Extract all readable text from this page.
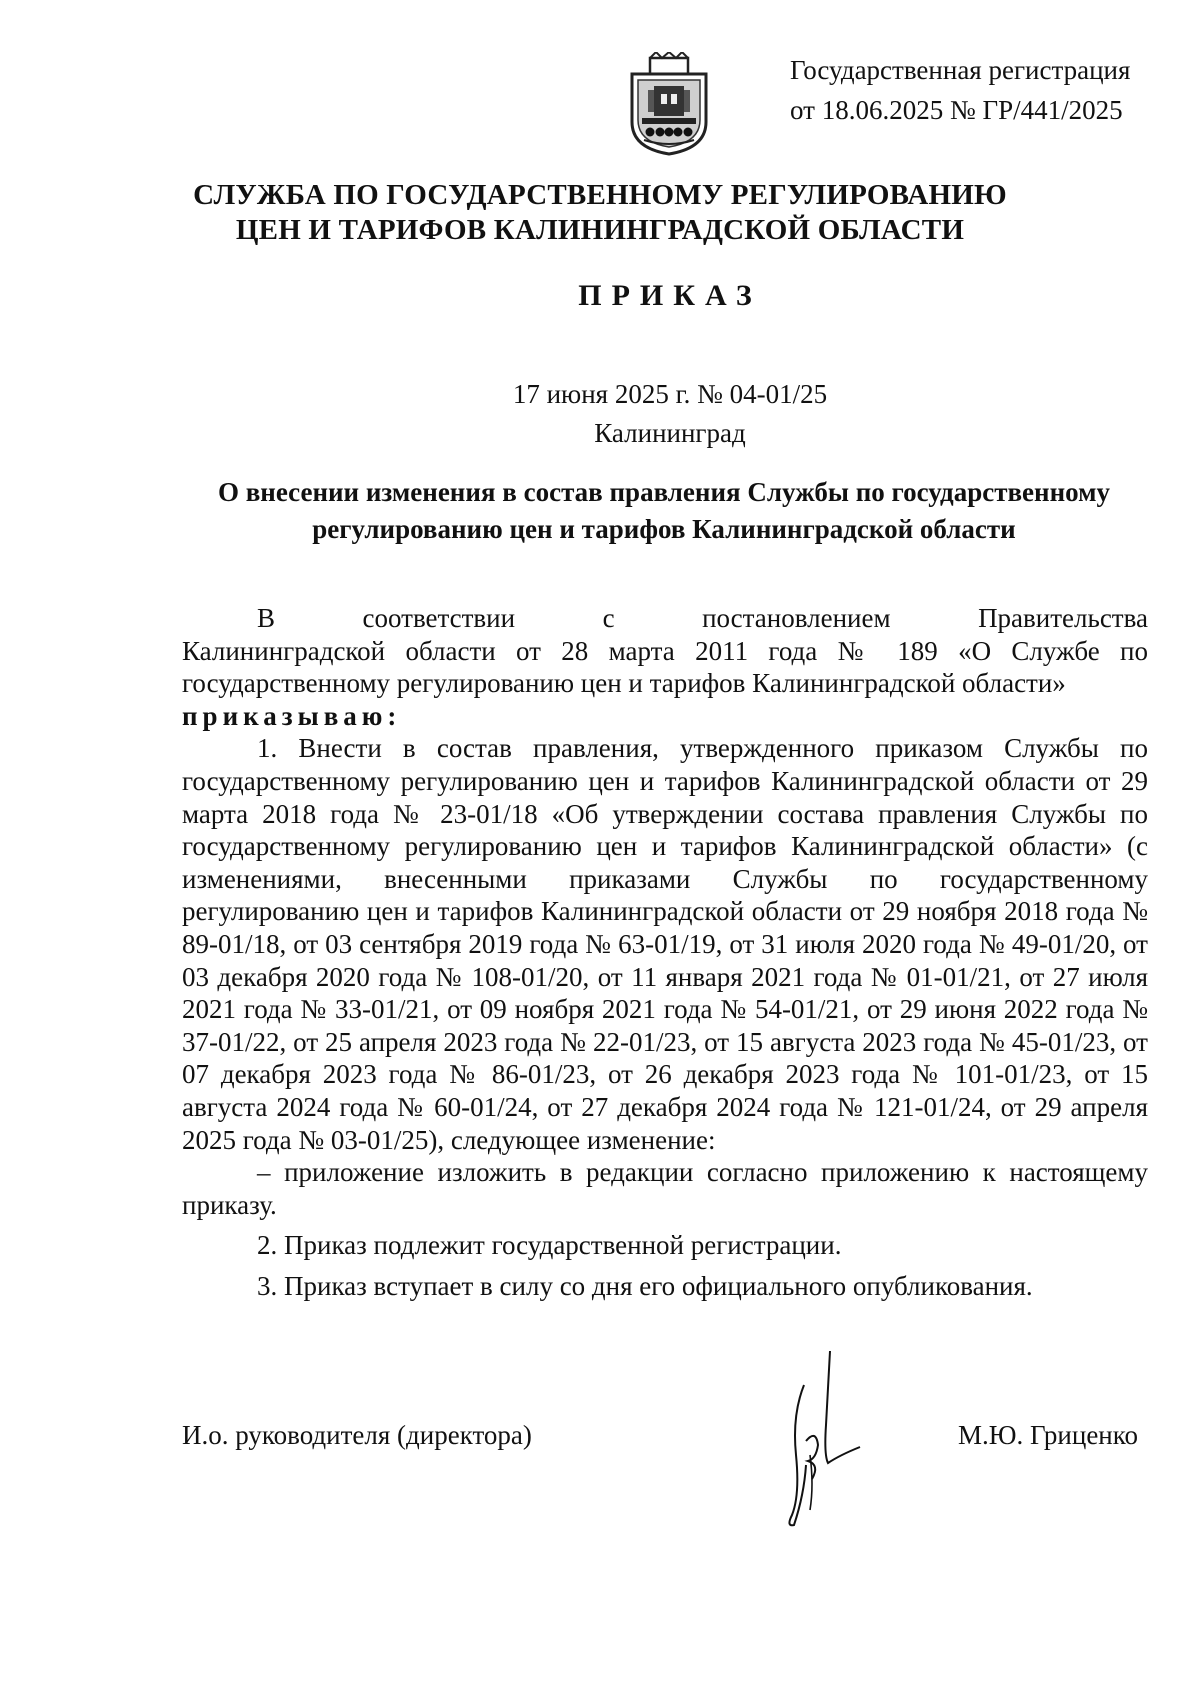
Государственная регистрация
от 18.06.2025 № ГР/441/2025
СЛУЖБА ПО ГОСУДАРСТВЕННОМУ РЕГУЛИРОВАНИЮ
ЦЕН И ТАРИФОВ КАЛИНИНГРАДСКОЙ ОБЛАСТИ
ПРИКАЗ
17 июня 2025 г. № 04-01/25
Калининград
О внесении изменения в состав правления Службы по государственному
регулированию цен и тарифов Калининградской области
В	соответствии	с	постановлением	Правительства

Калининградской области от 28 марта 2011 года № 189 «О Службе по государственному регулированию цен и тарифов Калининградской области»

приказываю:

1. Внести в состав правления, утвержденного приказом Службы по государственному регулированию цен и тарифов Калининградской области от 29 марта 2018 года № 23-01/18 «Об утверждении состава правления Службы по государственному регулированию цен и тарифов Калининградской области» (с изменениями, внесенными приказами Службы по государственному регулированию цен и тарифов Калининградской области от 29 ноября 2018 года № 89-01/18, от 03 сентября 2019 года № 63-01/19, от 31 июля 2020 года № 49-01/20, от 03 декабря 2020 года № 108-01/20, от 11 января 2021 года № 01-01/21, от 27 июля 2021 года № 33-01/21, от 09 ноября 2021 года № 54-01/21, от 29 июня 2022 года № 37-01/22, от 25 апреля 2023 года № 22-01/23, от 15 августа 2023 года № 45-01/23, от 07 декабря 2023 года № 86-01/23, от 26 декабря 2023 года № 101-01/23, от 15 августа 2024 года № 60-01/24, от 27 декабря 2024 года № 121-01/24, от 29 апреля 2025 года № 03-01/25), следующее изменение:

– приложение изложить в редакции согласно приложению к настоящему приказу.

2. Приказ подлежит государственной регистрации.

3. Приказ вступает в силу со дня его официального опубликования.

И.о. руководителя (директора)	М.Ю. Гриценко
